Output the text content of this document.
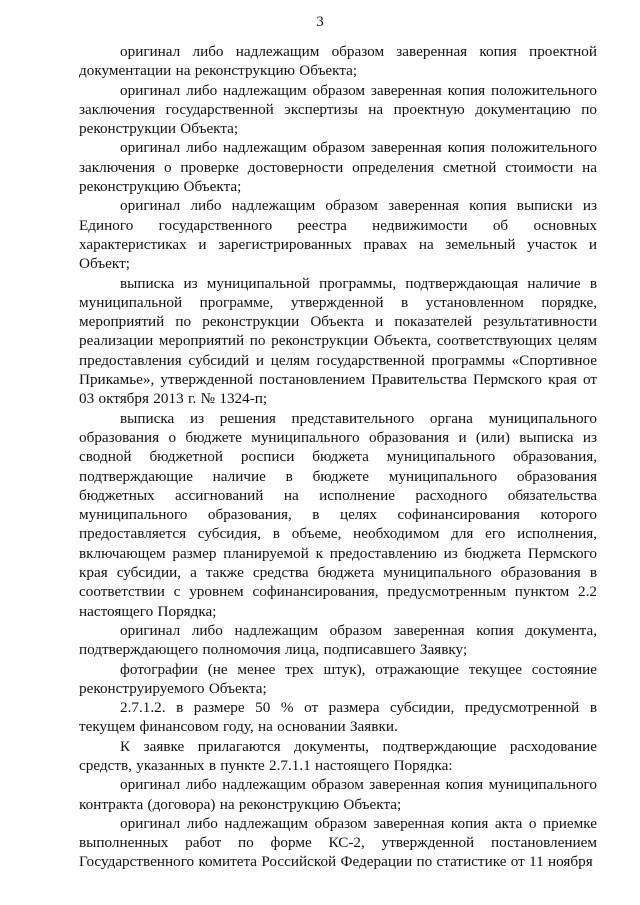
3

оригинал либо надлежащим образом заверенная копия проектной документации на реконструкцию Объекта;

оригинал либо надлежащим образом заверенная копия положительного заключения государственной экспертизы на проектную документацию по реконструкции Объекта;

оригинал либо надлежащим образом заверенная копия положительного заключения о проверке достоверности определения сметной стоимости на реконструкцию Объекта;

оригинал либо надлежащим образом заверенная копия выписки из Единого государственного реестра недвижимости об основных характеристиках и зарегистрированных правах на земельный участок и Объект;

выписка из муниципальной программы, подтверждающая наличие в муниципальной программе, утвержденной в установленном порядке, мероприятий по реконструкции Объекта и показателей результативности реализации мероприятий по реконструкции Объекта, соответствующих целям предоставления субсидий и целям государственной программы «Спортивное Прикамье», утвержденной постановлением Правительства Пермского края от 03 октября 2013 г. № 1324-п;

выписка из решения представительного органа муниципального образования о бюджете муниципального образования и (или) выписка из сводной бюджетной росписи бюджета муниципального образования, подтверждающие наличие в бюджете муниципального образования бюджетных ассигнований на исполнение расходного обязательства муниципального образования, в целях софинансирования которого предоставляется субсидия, в объеме, необходимом для его исполнения, включающем размер планируемой к предоставлению из бюджета Пермского края субсидии, а также средства бюджета муниципального образования в соответствии с уровнем софинансирования, предусмотренным пунктом 2.2 настоящего Порядка;

оригинал либо надлежащим образом заверенная копия документа, подтверждающего полномочия лица, подписавшего Заявку;

фотографии (не менее трех штук), отражающие текущее состояние реконструируемого Объекта;

2.7.1.2. в размере 50 % от размера субсидии, предусмотренной в текущем финансовом году, на основании Заявки.

К заявке прилагаются документы, подтверждающие расходование средств, указанных в пункте 2.7.1.1 настоящего Порядка:

оригинал либо надлежащим образом заверенная копия муниципального контракта (договора) на реконструкцию Объекта;

оригинал либо надлежащим образом заверенная копия акта о приемке выполненных работ по форме КС-2, утвержденной постановлением Государственного комитета Российской Федерации по статистике от 11 ноября
